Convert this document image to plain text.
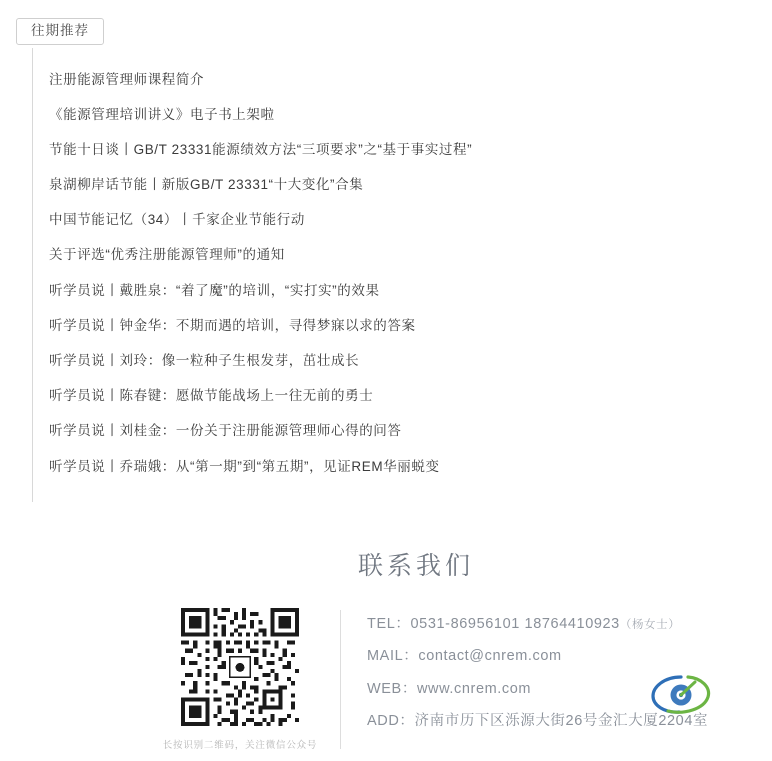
往期推荐
注册能源管理师课程简介
《能源管理培训讲义》电子书上架啦
节能十日谈丨GB/T 23331能源绩效方法“三项要求”之“基于事实过程”
泉湖柳岸话节能丨新版GB/T 23331“十大变化”合集
中国节能记忆（34）丨千家企业节能行动
关于评选“优秀注册能源管理师”的通知
听学员说丨戴胜泉：“着了魔”的培训，“实打实”的效果
听学员说丨钟金华：不期而遇的培训，寻得梦寐以求的答案
听学员说丨刘玲：像一粒种子生根发芽，茁壮成长
听学员说丨陈春键：愿做节能战场上一往无前的勇士
听学员说丨刘桂金：一份关于注册能源管理师心得的问答
听学员说丨乔瑞娥：从“第一期”到“第五期”，见证REM华丽蜕变
联系我们
长按识别二维码，关注微信公众号
TEL：0531-86956101 18764410923（杨女士）
MAIL：contact@cnrem.com
WEB：www.cnrem.com
ADD：济南市历下区泺源大街26号金汇大厦2204室
